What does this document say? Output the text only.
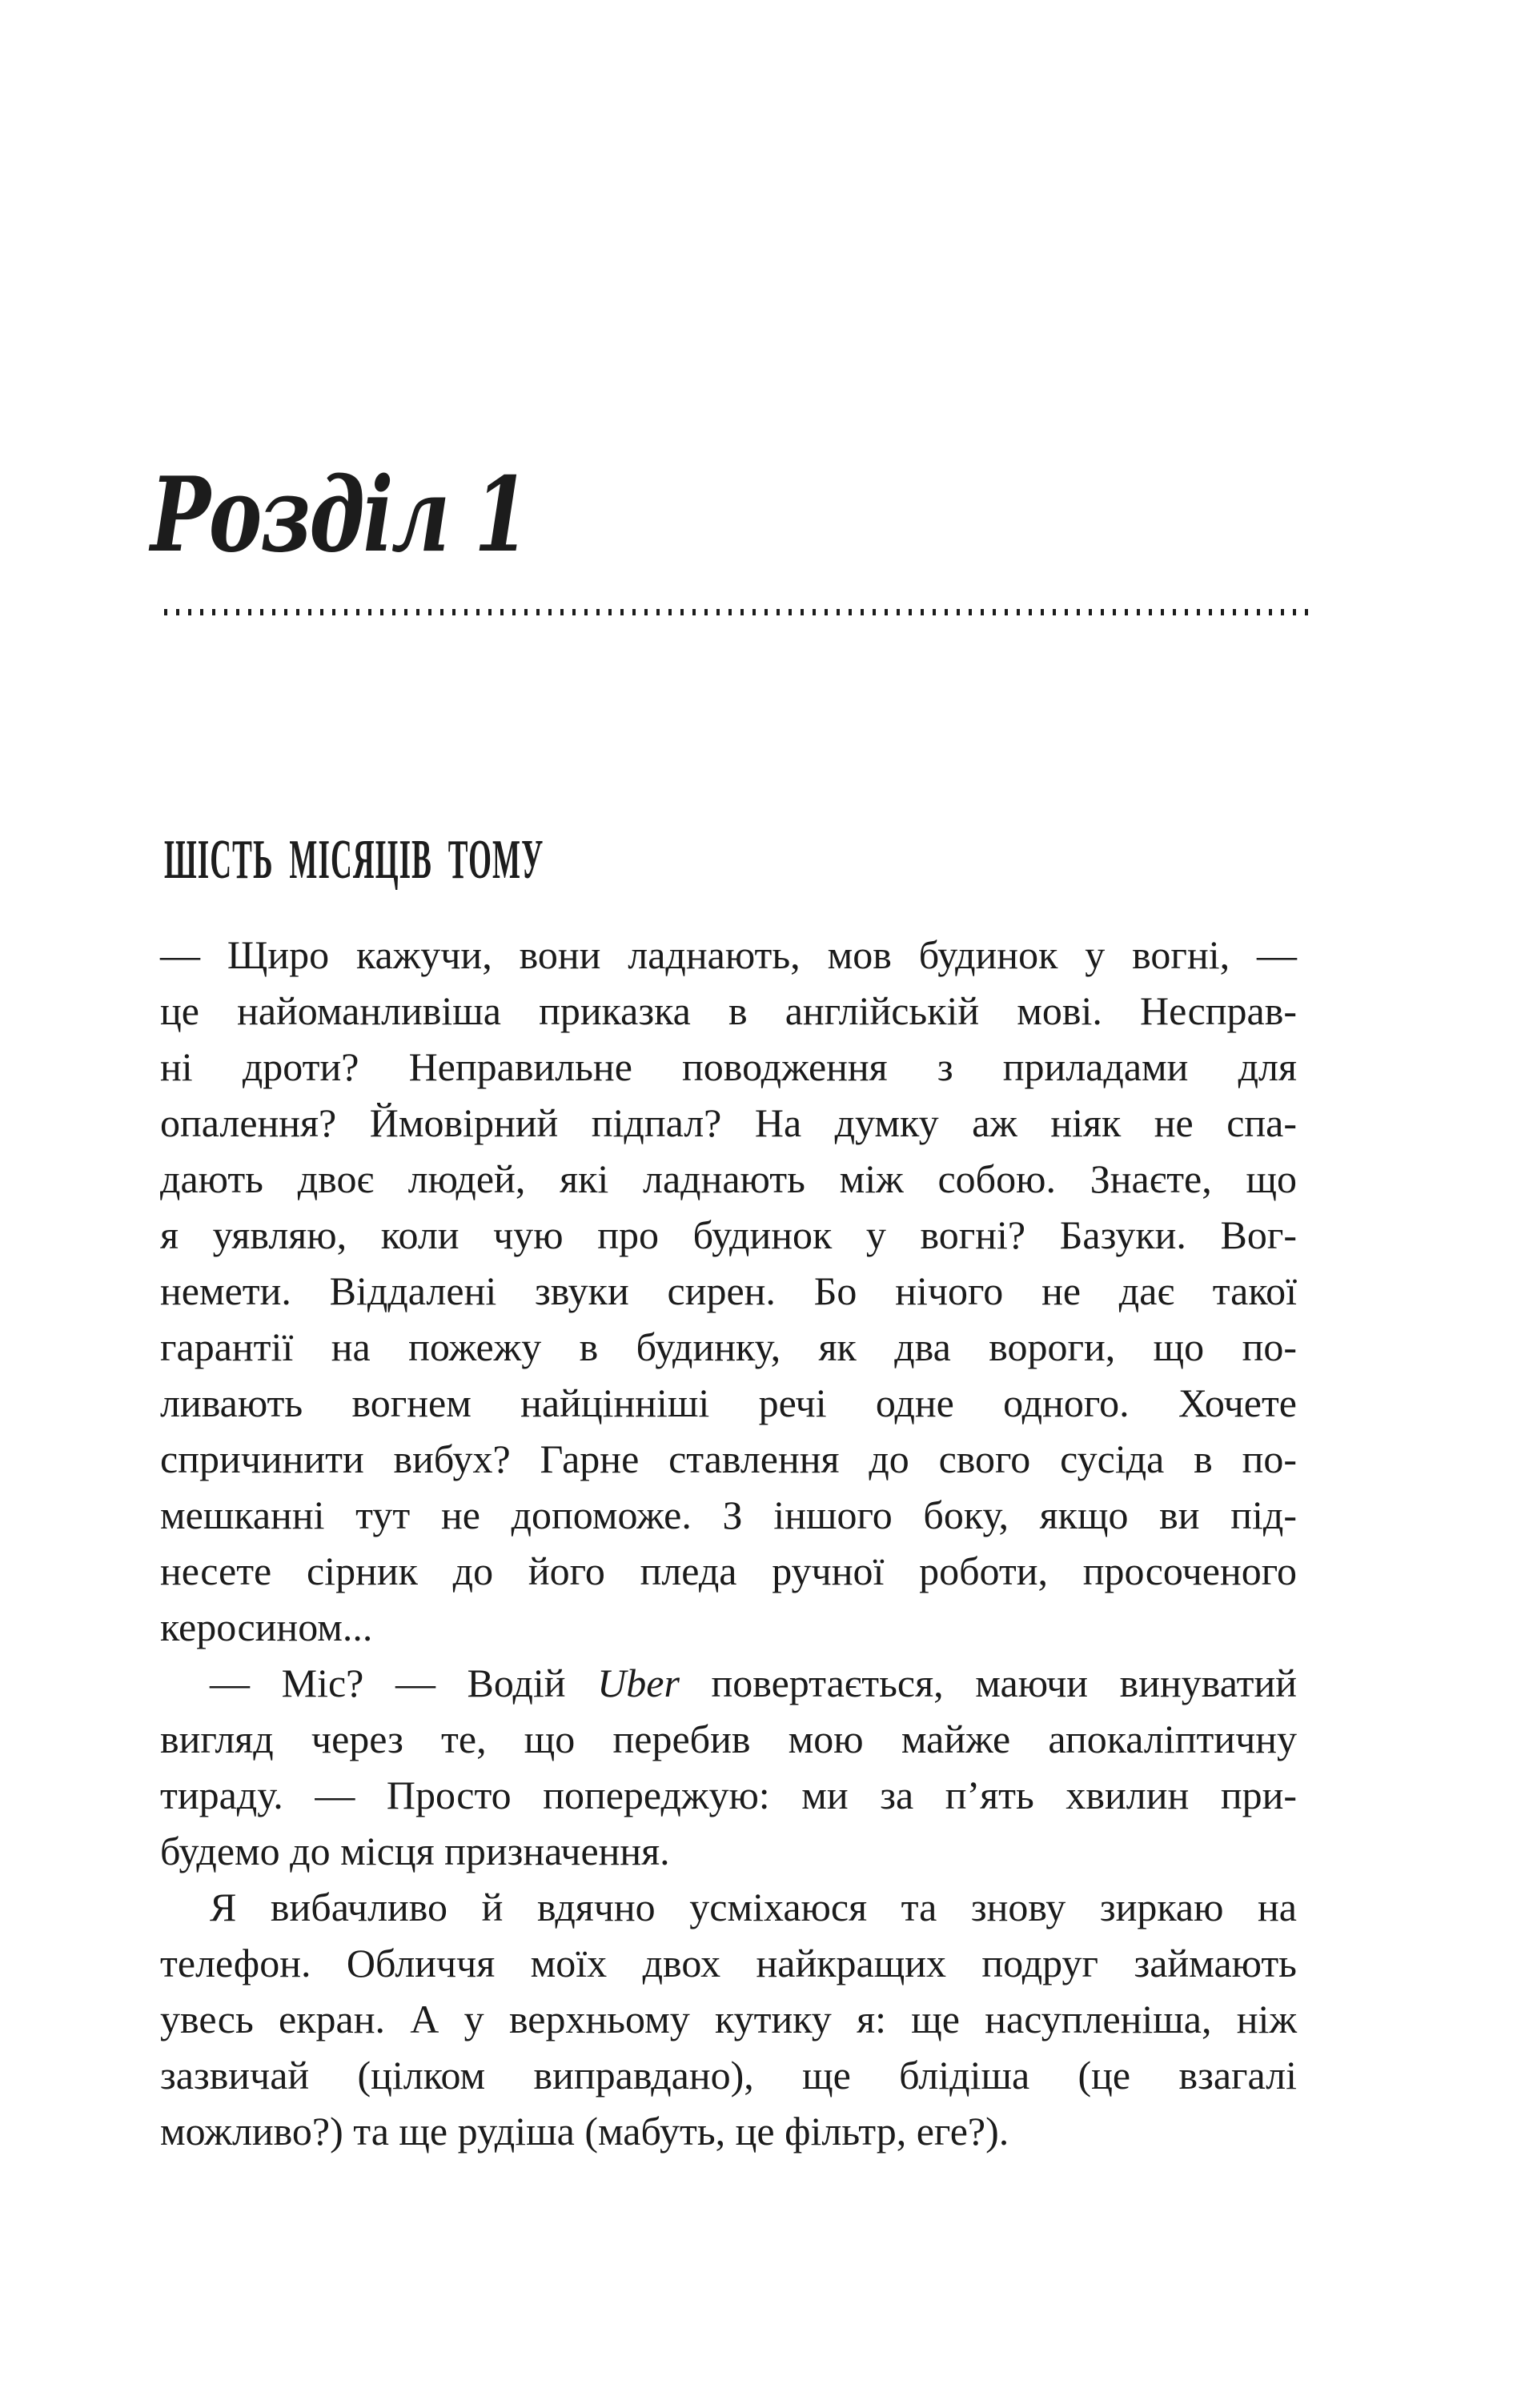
Розділ 1
ШІСТЬ МІСЯЦІВ ТОМУ
— Щиро кажучи, вони ладнають, мов будинок у вогні, —
це найоманливіша приказка в англійській мові. Несправ-
ні дроти? Неправильне поводження з приладами для
опалення? Ймовірний підпал? На думку аж ніяк не спа-
дають двоє людей, які ладнають між собою. Знаєте, що
я уявляю, коли чую про будинок у вогні? Базуки. Вог-
немети. Віддалені звуки сирен. Бо нічого не дає такої
гарантії на пожежу в будинку, як два вороги, що по-
ливають вогнем найцінніші речі одне одного. Хочете
спричинити вибух? Гарне ставлення до свого сусіда в по-
мешканні тут не допоможе. З іншого боку, якщо ви під-
несете сірник до його пледа ручної роботи, просоченого
керосином...
— Міс? — Водій Uber повертається, маючи винуватий
вигляд через те, що перебив мою майже апокаліптичну
тираду. — Просто попереджую: ми за п’ять хвилин при-
будемо до місця призначення.
Я вибачливо й вдячно усміхаюся та знову зиркаю на
телефон. Обличчя моїх двох найкращих подруг займають
увесь екран. А у верхньому кутику я: ще насупленіша, ніж
зазвичай (цілком виправдано), ще блідіша (це взагалі
можливо?) та ще рудіша (мабуть, це фільтр, еге?).
